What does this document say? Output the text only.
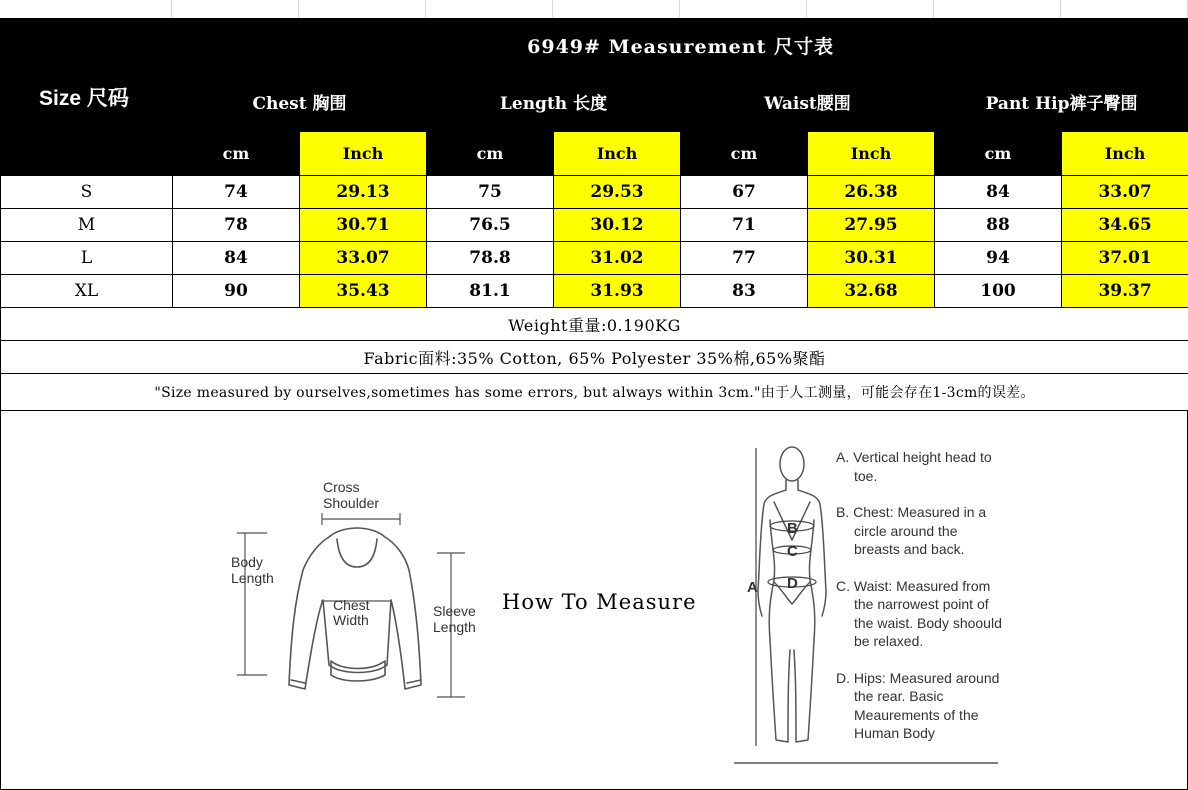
Size 尺码	6949# Measurement 尺寸表							
	Chest 胸围		Length 长度		Waist腰围		Pant Hip裤子臀围	
	cm	Inch	cm	Inch	cm	Inch	cm	Inch
S	74	29.13	75	29.53	67	26.38	84	33.07
M	78	30.71	76.5	30.12	71	27.95	88	34.65
L	84	33.07	78.8	31.02	77	30.31	94	37.01
XL	90	35.43	81.1	31.93	83	32.68	100	39.37
Weight重量:0.190KG								
Fabric面料:35% Cotton, 65% Polyester 35%棉,65%聚酯								
"Size measured by ourselves,sometimes has some errors, but always within 3cm."由于人工测量，可能会存在1-3cm的误差。								
Cross
Shoulder
Body
Length
Chest
Width
Sleeve
Length
How To Measure
A
B
C
D

A. Vertical height head to toe.

B. Chest: Measured in a circle around the breasts and back.

C. Waist: Measured from the narrowest point of the waist. Body shoould be relaxed.

D. Hips: Measured around the rear. Basic Meaurements of the Human Body
